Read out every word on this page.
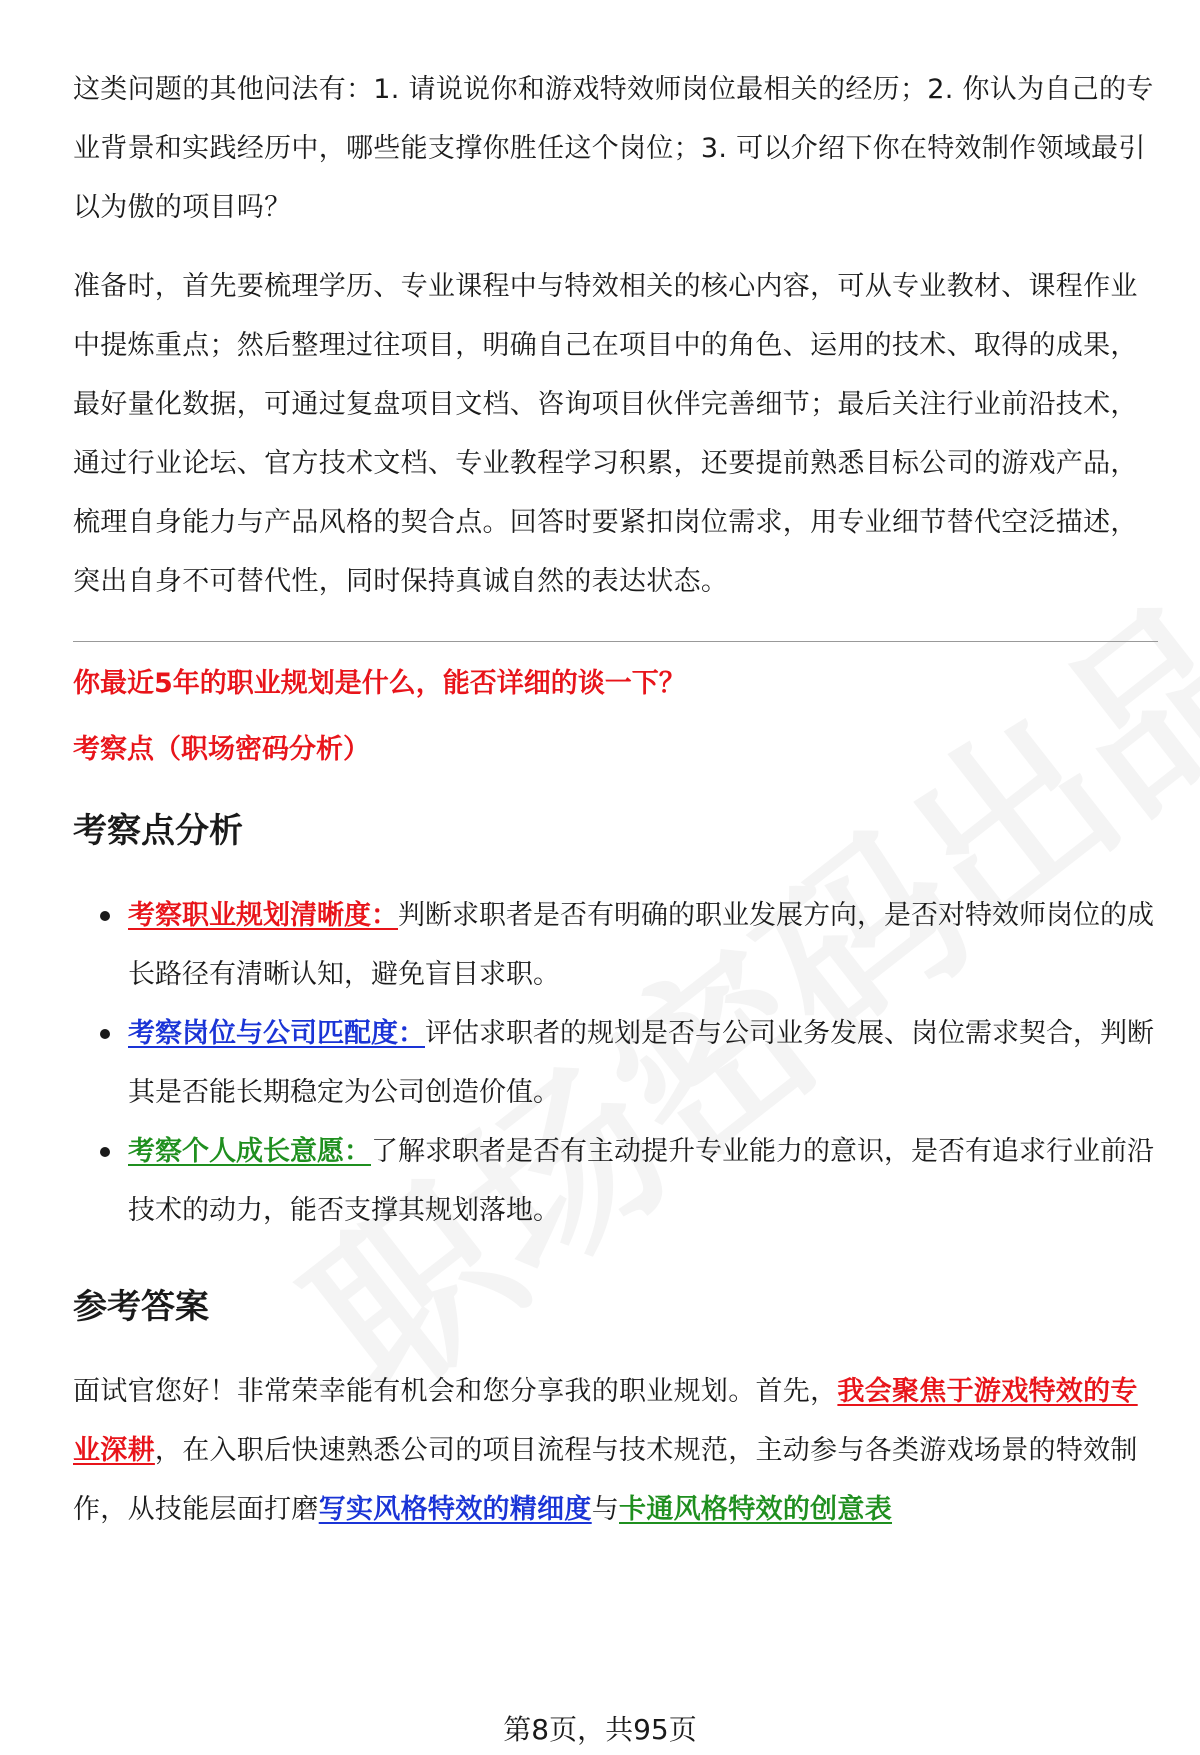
这类问题的其他问法有：1. 请说说你和游戏特效师岗位最相关的经历；2. 你认为自己的专业背景和实践经历中，哪些能支撑你胜任这个岗位；3. 可以介绍下你在特效制作领域最引以为傲的项目吗？

准备时，首先要梳理学历、专业课程中与特效相关的核心内容，可从专业教材、课程作业中提炼重点；然后整理过往项目，明确自己在项目中的角色、运用的技术、取得的成果，最好量化数据，可通过复盘项目文档、咨询项目伙伴完善细节；最后关注行业前沿技术，通过行业论坛、官方技术文档、专业教程学习积累，还要提前熟悉目标公司的游戏产品，梳理自身能力与产品风格的契合点。回答时要紧扣岗位需求，用专业细节替代空泛描述，突出自身不可替代性，同时保持真诚自然的表达状态。

你最近5年的职业规划是什么，能否详细的谈一下？

考察点（职场密码分析）

考察点分析
考察职业规划清晰度：判断求职者是否有明确的职业发展方向，是否对特效师岗位的成长路径有清晰认知，避免盲目求职。
考察岗位与公司匹配度：评估求职者的规划是否与公司业务发展、岗位需求契合，判断其是否能长期稳定为公司创造价值。
考察个人成长意愿：了解求职者是否有主动提升专业能力的意识，是否有追求行业前沿技术的动力，能否支撑其规划落地。
参考答案

面试官您好！非常荣幸能有机会和您分享我的职业规划。首先，我会聚焦于游戏特效的专业深耕，在入职后快速熟悉公司的项目流程与技术规范，主动参与各类游戏场景的特效制作，从技能层面打磨写实风格特效的精细度与卡通风格特效的创意表

第8页，共95页
